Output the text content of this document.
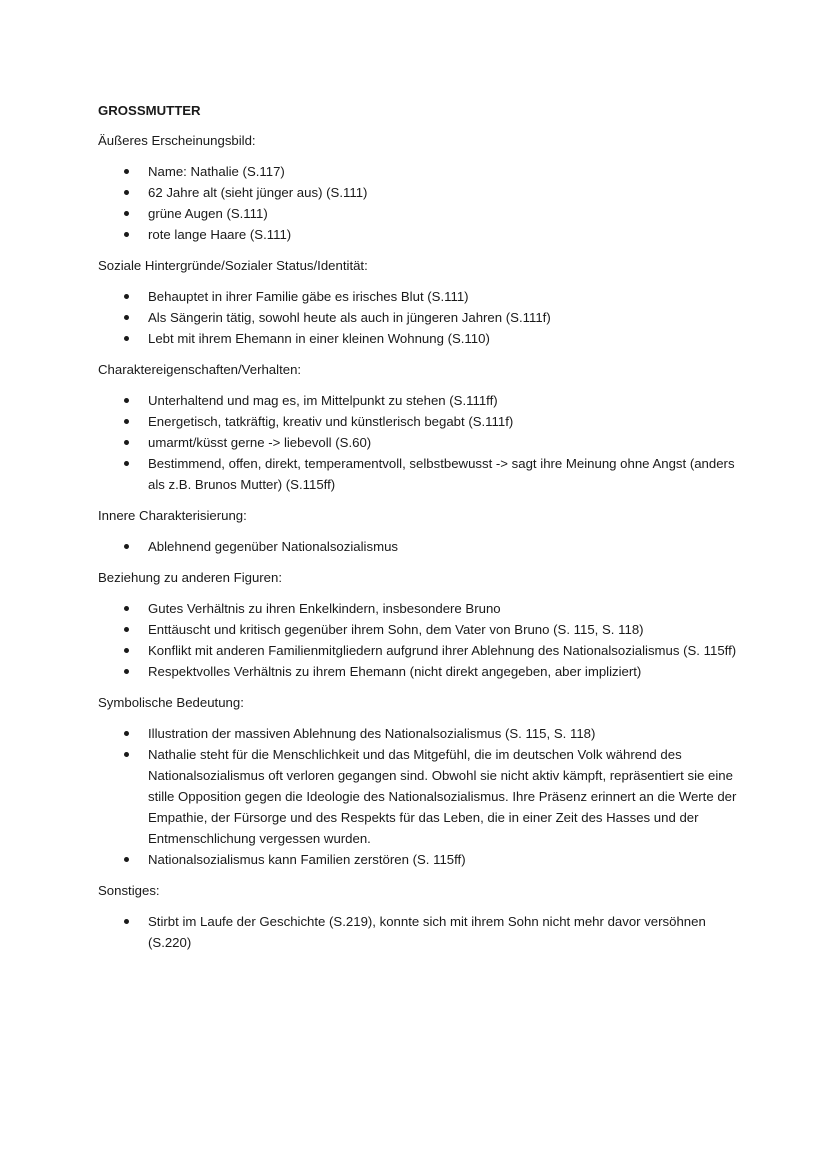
GROSSMUTTER
Äußeres Erscheinungsbild:
Name: Nathalie (S.117)
62 Jahre alt (sieht jünger aus) (S.111)
grüne Augen (S.111)
rote lange Haare (S.111)
Soziale Hintergründe/Sozialer Status/Identität:
Behauptet in ihrer Familie gäbe es irisches Blut (S.111)
Als Sängerin tätig, sowohl heute als auch in jüngeren Jahren (S.111f)
Lebt mit ihrem Ehemann in einer kleinen Wohnung (S.110)
Charaktereigenschaften/Verhalten:
Unterhaltend und mag es, im Mittelpunkt zu stehen (S.111ff)
Energetisch, tatkräftig, kreativ und künstlerisch begabt (S.111f)
umarmt/küsst gerne -> liebevoll (S.60)
Bestimmend, offen, direkt, temperamentvoll, selbstbewusst -> sagt ihre Meinung ohne Angst (anders als z.B. Brunos Mutter) (S.115ff)
Innere Charakterisierung:
Ablehnend gegenüber Nationalsozialismus
Beziehung zu anderen Figuren:
Gutes Verhältnis zu ihren Enkelkindern, insbesondere Bruno
Enttäuscht und kritisch gegenüber ihrem Sohn, dem Vater von Bruno (S. 115, S. 118)
Konflikt mit anderen Familienmitgliedern aufgrund ihrer Ablehnung des Nationalsozialismus (S. 115ff)
Respektvolles Verhältnis zu ihrem Ehemann (nicht direkt angegeben, aber impliziert)
Symbolische Bedeutung:
Illustration der massiven Ablehnung des Nationalsozialismus (S. 115, S. 118)
Nathalie steht für die Menschlichkeit und das Mitgefühl, die im deutschen Volk während des Nationalsozialismus oft verloren gegangen sind. Obwohl sie nicht aktiv kämpft, repräsentiert sie eine stille Opposition gegen die Ideologie des Nationalsozialismus. Ihre Präsenz erinnert an die Werte der Empathie, der Fürsorge und des Respekts für das Leben, die in einer Zeit des Hasses und der Entmenschlichung vergessen wurden.
Nationalsozialismus kann Familien zerstören (S. 115ff)
Sonstiges:
Stirbt im Laufe der Geschichte (S.219), konnte sich mit ihrem Sohn nicht mehr davor versöhnen (S.220)
